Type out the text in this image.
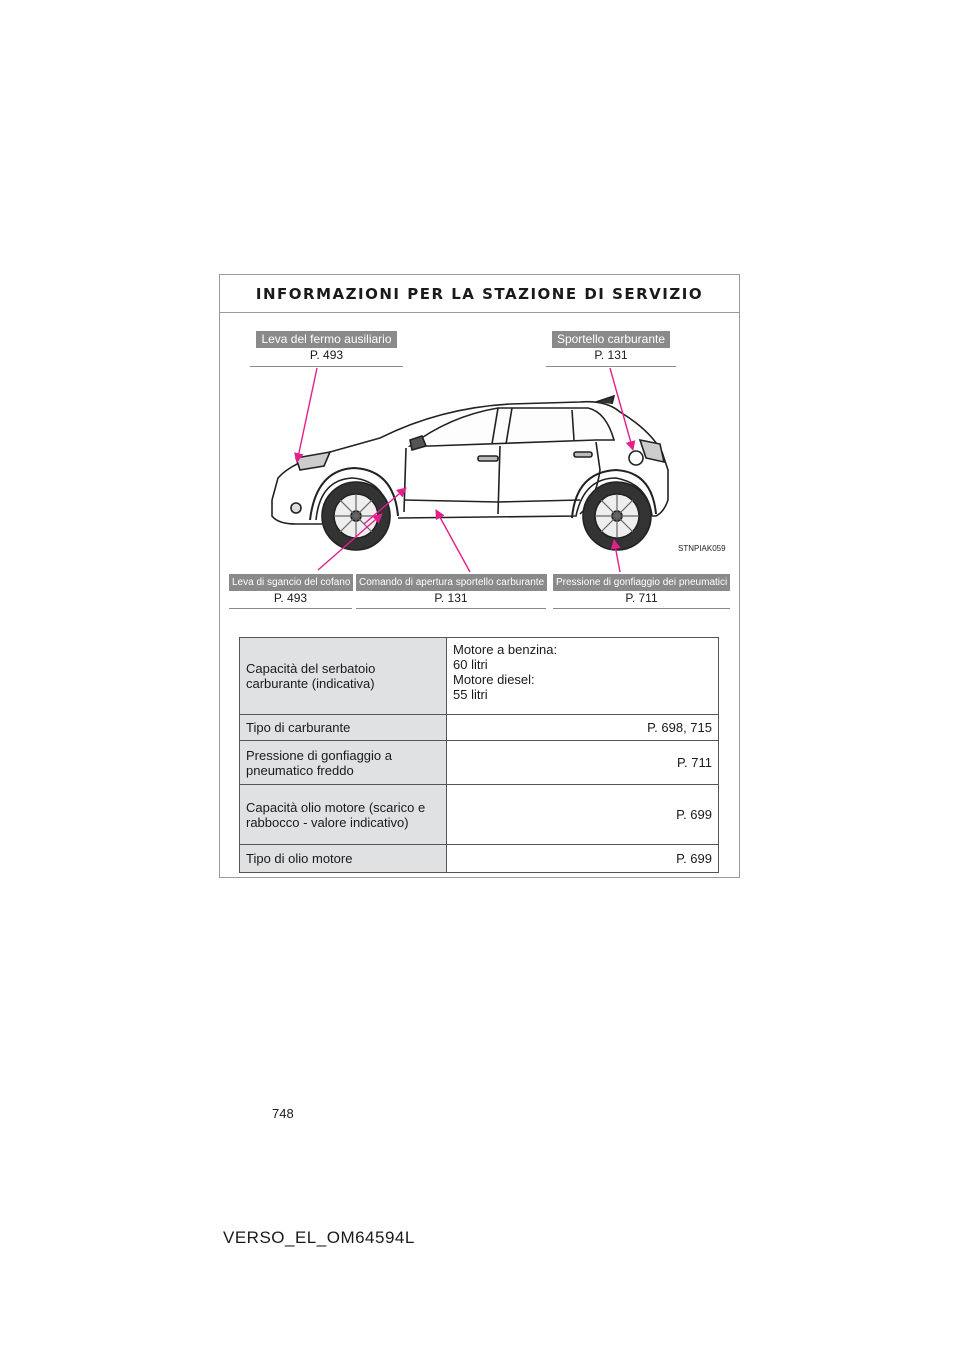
STNPIAK059
INFORMAZIONI PER LA STAZIONE DI SERVIZIO
Leva del fermo ausiliario
P. 493
Sportello carburante
P. 131
Leva di sgancio del cofano
P. 493
Comando di apertura sportello carburante
P. 131
Pressione di gonfiaggio dei pneumatici
P. 711
Capacità del serbatoio carburante (indicativa)	Motore a benzina:
60 litri
Motore diesel:
55 litri
Tipo di carburante	P. 698, 715
Pressione di gonfiaggio a pneumatico freddo	P. 711
Capacità olio motore (scarico e rabbocco - valore indicativo)	P. 699
Tipo di olio motore	P. 699
748
VERSO_EL_OM64594L
